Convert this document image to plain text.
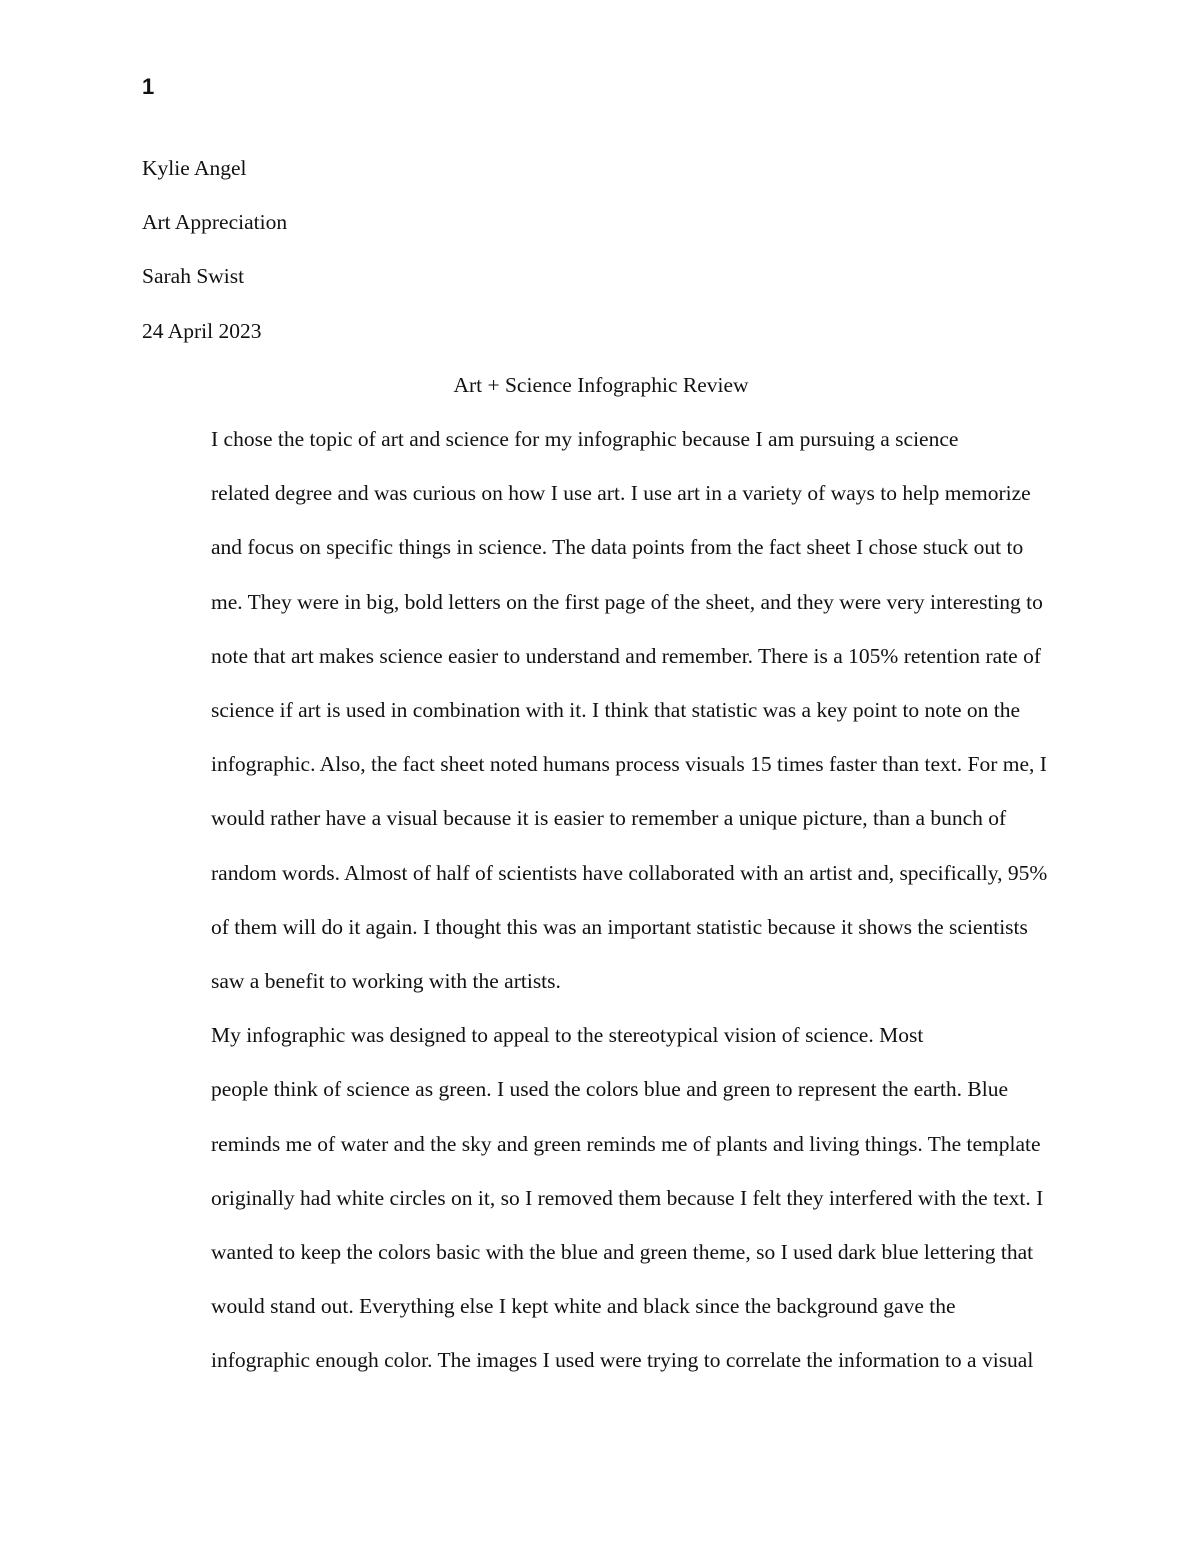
1

Kylie Angel

Art Appreciation

Sarah Swist

24 April 2023

Art + Science Infographic Review

I chose the topic of art and science for my infographic because I am pursuing a science
related degree and was curious on how I use art. I use art in a variety of ways to help memorize
and focus on specific things in science. The data points from the fact sheet I chose stuck out to
me. They were in big, bold letters on the first page of the sheet, and they were very interesting to
note that art makes science easier to understand and remember. There is a 105% retention rate of
science if art is used in combination with it. I think that statistic was a key point to note on the
infographic. Also, the fact sheet noted humans process visuals 15 times faster than text. For me, I
would rather have a visual because it is easier to remember a unique picture, than a bunch of
random words. Almost of half of scientists have collaborated with an artist and, specifically, 95%
of them will do it again. I thought this was an important statistic because it shows the scientists
saw a benefit to working with the artists.

My infographic was designed to appeal to the stereotypical vision of science. Most
people think of science as green. I used the colors blue and green to represent the earth. Blue
reminds me of water and the sky and green reminds me of plants and living things. The template
originally had white circles on it, so I removed them because I felt they interfered with the text. I
wanted to keep the colors basic with the blue and green theme, so I used dark blue lettering that
would stand out. Everything else I kept white and black since the background gave the
infographic enough color. The images I used were trying to correlate the information to a visual
